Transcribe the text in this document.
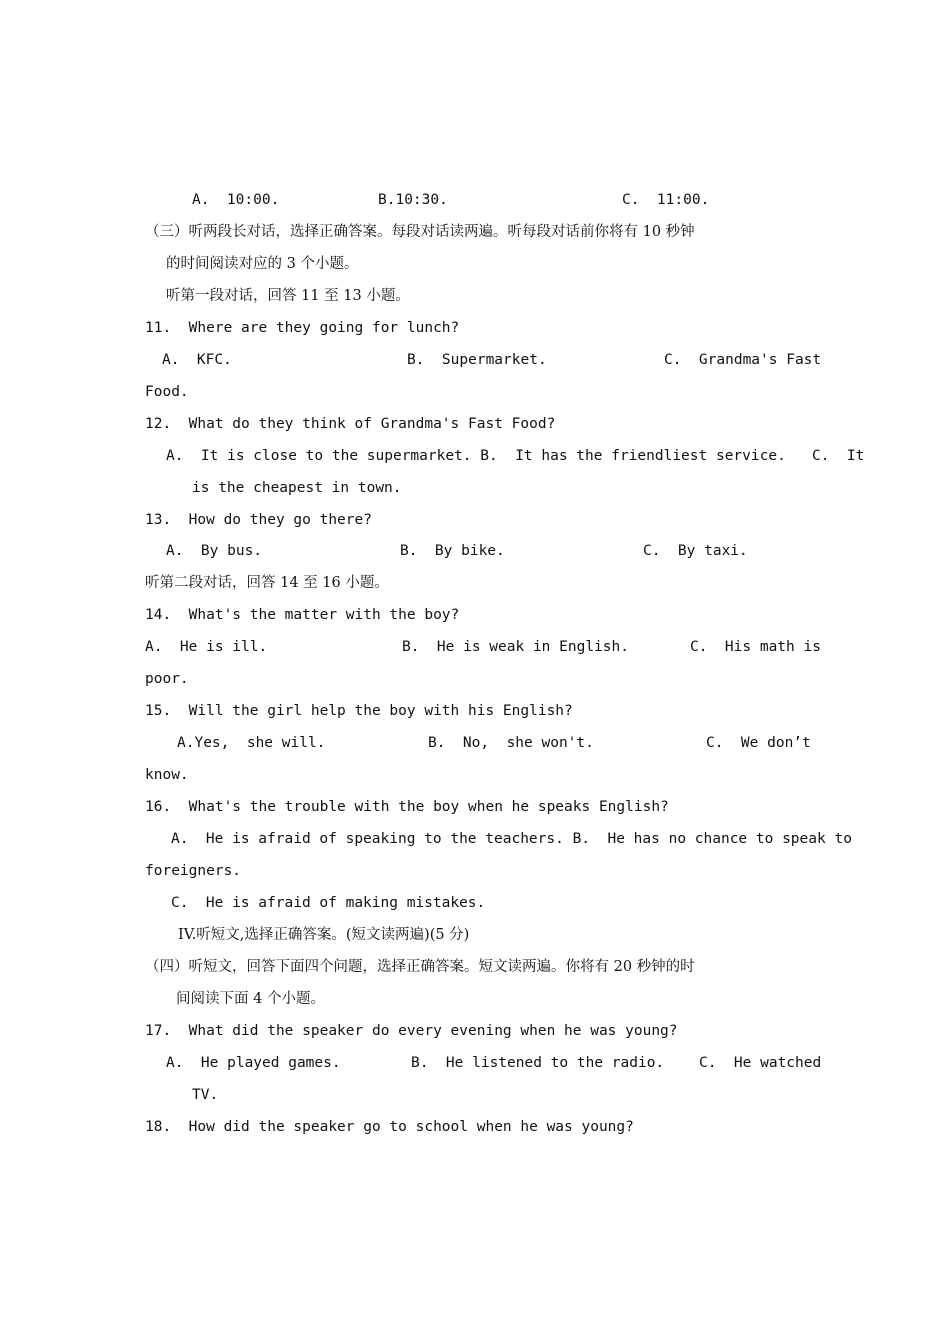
A.  10:00.	B.10:30.	C.  11:00.
（三）听两段长对话，选择正确答案。每段对话读两遍。听每段对话前你将有 10 秒钟
的时间阅读对应的 3 个小题。
听第一段对话，回答 11 至 13 小题。
11.  Where are they going for lunch?
A.  KFC.	B.  Supermarket.	C.  Grandma's Fast
Food.
12.  What do they think of Grandma's Fast Food?
A.  It is close to the supermarket. B.  It has the friendliest service.   C.  It
is the cheapest in town.
13.  How do they go there?
A.  By bus.	B.  By bike.	C.  By taxi.
听第二段对话，回答 14 至 16 小题。
14.  What's the matter with the boy?
A.  He is ill.	B.  He is weak in English.	C.  His math is
poor.
15.  Will the girl help the boy with his English?
A.Yes,  she will.	B.  No,  she won't.	C.  We don’t
know.
16.  What's the trouble with the boy when he speaks English?
A.  He is afraid of speaking to the teachers. B.  He has no chance to speak to
foreigners.
C.  He is afraid of making mistakes.
IV.听短文,选择正确答案。(短文读两遍)(5 分)
（四）听短文，回答下面四个问题，选择正确答案。短文读两遍。你将有 20 秒钟的时
间阅读下面 4 个小题。
17.  What did the speaker do every evening when he was young?
A.  He played games.	B.  He listened to the radio. C.  He watched
TV.
18.  How did the speaker go to school when he was young?
